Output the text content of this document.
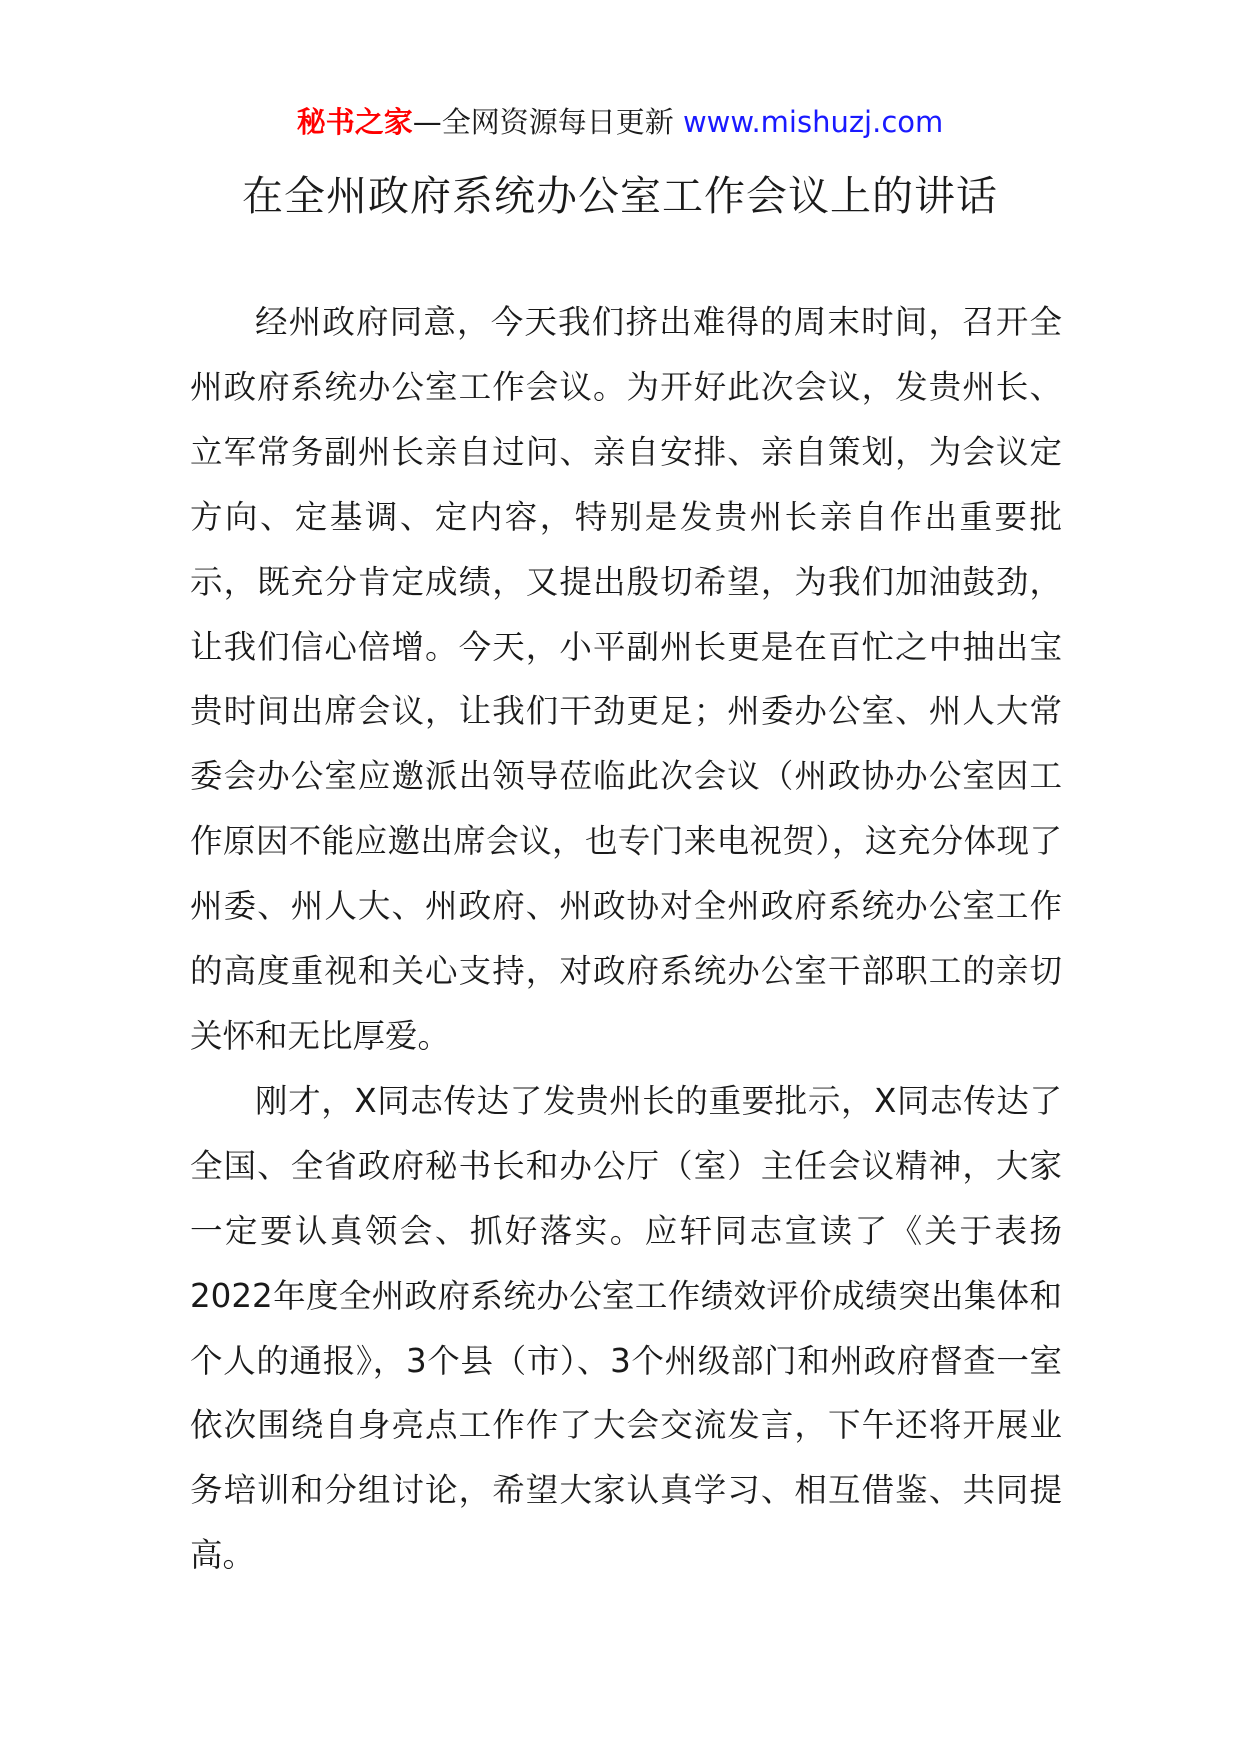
秘书之家—全网资源每日更新 www.mishuzj.com
在全州政府系统办公室工作会议上的讲话

经州政府同意，今天我们挤出难得的周末时间，召开全州政府系统办公室工作会议。为开好此次会议，发贵州长、立军常务副州长亲自过问、亲自安排、亲自策划，为会议定方向、定基调、定内容，特别是发贵州长亲自作出重要批示，既充分肯定成绩，又提出殷切希望，为我们加油鼓劲，让我们信心倍增。今天，小平副州长更是在百忙之中抽出宝贵时间出席会议，让我们干劲更足；州委办公室、州人大常委会办公室应邀派出领导莅临此次会议（州政协办公室因工作原因不能应邀出席会议，也专门来电祝贺），这充分体现了州委、州人大、州政府、州政协对全州政府系统办公室工作的高度重视和关心支持，对政府系统办公室干部职工的亲切关怀和无比厚爱。

刚才，X同志传达了发贵州长的重要批示，X同志传达了全国、全省政府秘书长和办公厅（室）主任会议精神，大家一定要认真领会、抓好落实。应轩同志宣读了《关于表扬2022年度全州政府系统办公室工作绩效评价成绩突出集体和个人的通报》，3个县（市）、3个州级部门和州政府督查一室依次围绕自身亮点工作作了大会交流发言，下午还将开展业务培训和分组讨论，希望大家认真学习、相互借鉴、共同提高。
